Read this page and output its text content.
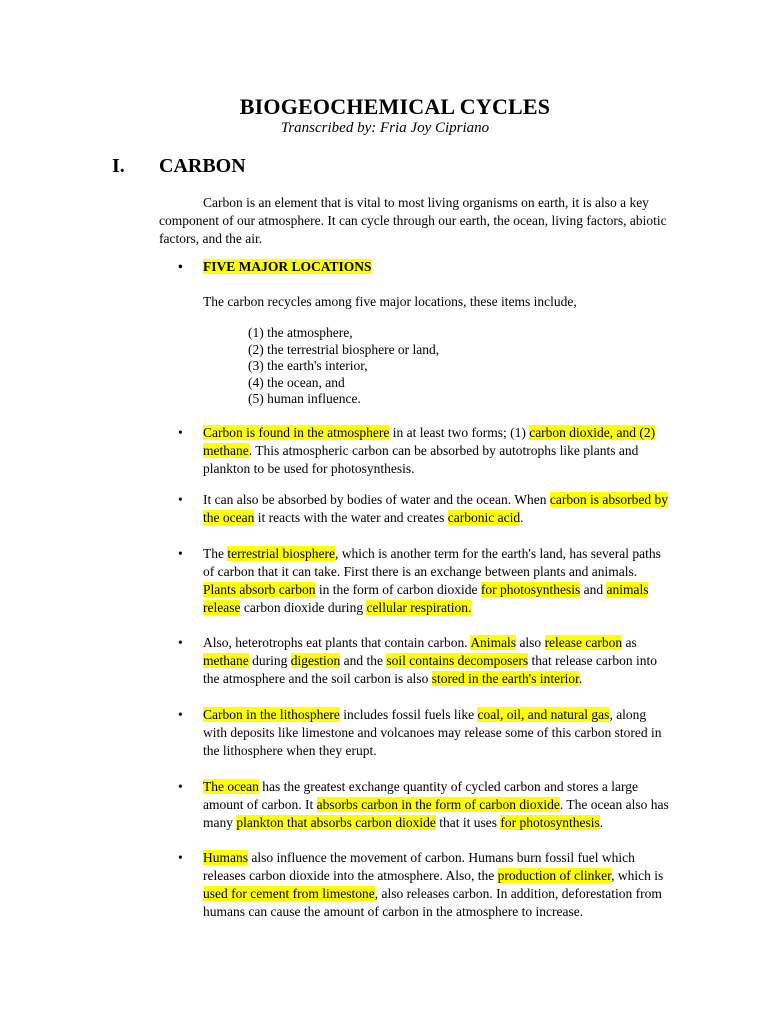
BIOGEOCHEMICAL CYCLES
Transcribed by: Fria Joy Cipriano
I. CARBON
Carbon is an element that is vital to most living organisms on earth, it is also a key component of our atmosphere. It can cycle through our earth, the ocean, living factors, abiotic factors, and the air.
• FIVE MAJOR LOCATIONS
The carbon recycles among five major locations, these items include,
(1) the atmosphere,
(2) the terrestrial biosphere or land,
(3) the earth's interior,
(4) the ocean, and
(5) human influence.
• Carbon is found in the atmosphere in at least two forms; (1) carbon dioxide, and (2) methane. This atmospheric carbon can be absorbed by autotrophs like plants and plankton to be used for photosynthesis.
• It can also be absorbed by bodies of water and the ocean. When carbon is absorbed by the ocean it reacts with the water and creates carbonic acid.
• The terrestrial biosphere, which is another term for the earth's land, has several paths of carbon that it can take. First there is an exchange between plants and animals. Plants absorb carbon in the form of carbon dioxide for photosynthesis and animals release carbon dioxide during cellular respiration.
• Also, heterotrophs eat plants that contain carbon. Animals also release carbon as methane during digestion and the soil contains decomposers that release carbon into the atmosphere and the soil carbon is also stored in the earth's interior.
• Carbon in the lithosphere includes fossil fuels like coal, oil, and natural gas, along with deposits like limestone and volcanoes may release some of this carbon stored in the lithosphere when they erupt.
• The ocean has the greatest exchange quantity of cycled carbon and stores a large amount of carbon. It absorbs carbon in the form of carbon dioxide. The ocean also has many plankton that absorbs carbon dioxide that it uses for photosynthesis.
• Humans also influence the movement of carbon. Humans burn fossil fuel which releases carbon dioxide into the atmosphere. Also, the production of clinker, which is used for cement from limestone, also releases carbon. In addition, deforestation from humans can cause the amount of carbon in the atmosphere to increase.
